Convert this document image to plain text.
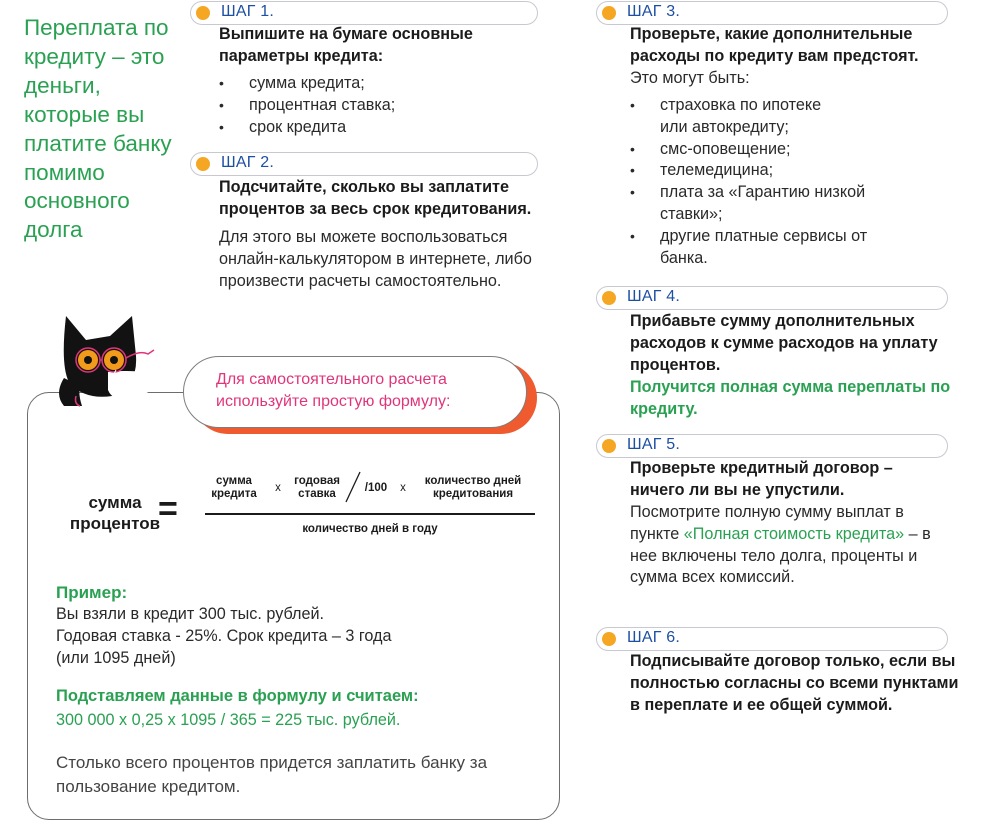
Переплата по кредиту – это деньги, которые вы платите банку помимо основного долга
ШАГ 1.
Выпишите на бумаге основные параметры кредита:
• сумма кредита;
• процентная ставка;
• срок кредита
ШАГ 2.
Подсчитайте, сколько вы заплатите процентов за весь срок кредитования.
Для этого вы можете воспользоваться онлайн-калькулятором в интернете, либо произвести расчеты самостоятельно.
Для самостоятельного расчета используйте простую формулу:
сумма процентов
=
сумма кредита	x
годовая ставка	/100	x
количество дней кредитования
количество дней в году
Пример:
Вы взяли в кредит 300 тыс. рублей.
Годовая ставка - 25%. Срок кредита – 3 года
(или 1095 дней)
Подставляем данные в формулу и считаем:
300 000 х 0,25 х 1095 / 365 = 225 тыс. рублей.
Столько всего процентов придется заплатить банку за пользование кредитом.
ШАГ 3.
Проверьте, какие дополнительные расходы по кредиту вам предстоят.
Это могут быть:
• страховка по ипотеке или автокредиту;
• смс-оповещение;
• телемедицина;
• плата за «Гарантию низкой ставки»;
• другие платные сервисы от банка.
ШАГ 4.
Прибавьте сумму дополнительных расходов к сумме расходов на уплату процентов.
Получится полная сумма переплаты по кредиту.
ШАГ 5.
Проверьте кредитный договор – ничего ли вы не упустили.
Посмотрите полную сумму выплат в пункте «Полная стоимость кредита» – в нее включены тело долга, проценты и сумма всех комиссий.
ШАГ 6.
Подписывайте договор только, если вы полностью согласны со всеми пунктами в переплате и ее общей суммой.
